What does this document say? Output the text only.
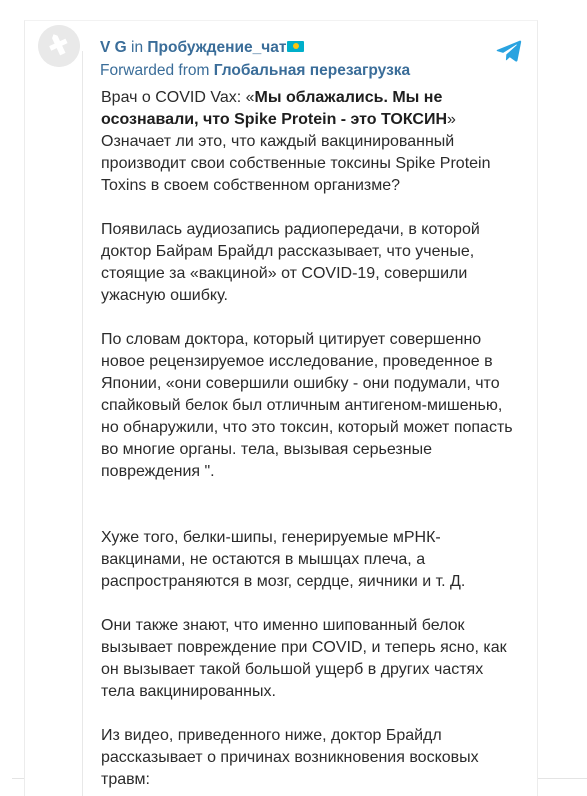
V G in Пробуждение_чат
Forwarded from Глобальная перезагрузка

Врач о COVID Vax: «Мы облажались. Мы не осознавали, что Spike Protein - это ТОКСИН» Означает ли это, что каждый вакцинированный производит свои собственные токсины Spike Protein Toxins в своем собственном организме?

Появилась аудиозапись радиопередачи, в которой доктор Байрам Брайдл рассказывает, что ученые, стоящие за «вакциной» от COVID-19, совершили ужасную ошибку.

По словам доктора, который цитирует совершенно новое рецензируемое исследование, проведенное в Японии, «они совершили ошибку - они подумали, что спайковый белок был отличным антигеном-мишенью, но обнаружили, что это токсин, который может попасть во многие органы. тела, вызывая серьезные повреждения ".

Хуже того, белки-шипы, генерируемые мРНК-вакцинами, не остаются в мышцах плеча, а распространяются в мозг, сердце, яичники и т. Д.

Они также знают, что именно шипованный белок вызывает повреждение при COVID, и теперь ясно, как он вызывает такой большой ущерб в других частях тела вакцинированных.

Из видео, приведенного ниже, доктор Брайдл рассказывает о причинах возникновения восковых травм:
